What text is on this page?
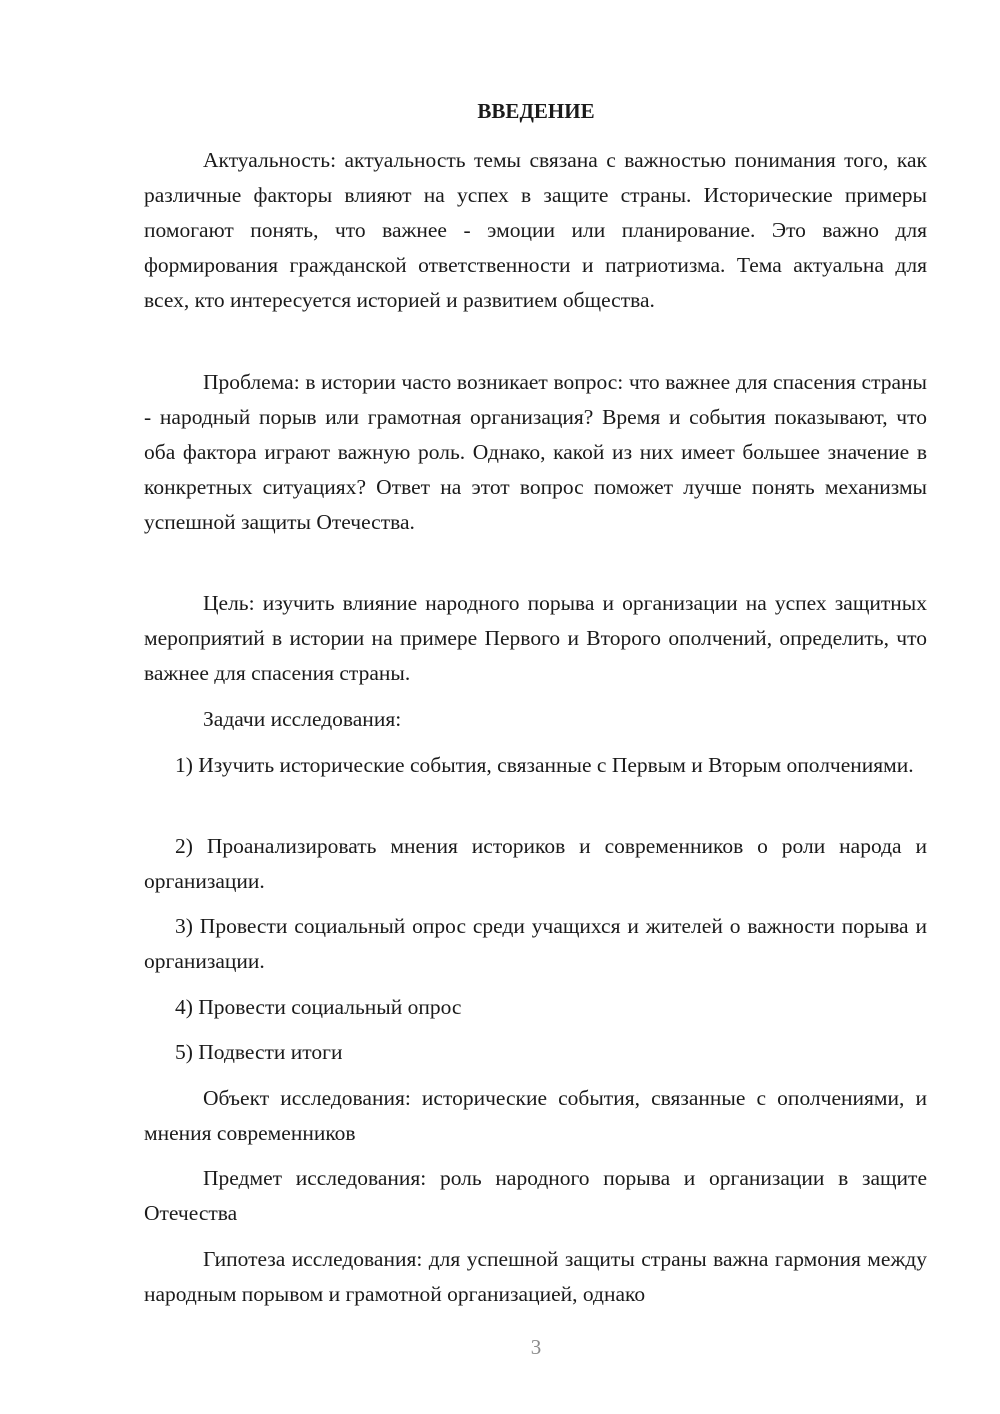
ВВЕДЕНИЕ

Актуальность: актуальность темы связана с важностью понимания того, как различные факторы влияют на успех в защите страны. Исторические примеры помогают понять, что важнее - эмоции или планирование. Это важно для формирования гражданской ответственности и патриотизма. Тема актуальна для всех, кто интересуется историей и развитием общества.

Проблема: в истории часто возникает вопрос: что важнее для спасения страны - народный порыв или грамотная организация? Время и события показывают, что оба фактора играют важную роль. Однако, какой из них имеет большее значение в конкретных ситуациях? Ответ на этот вопрос поможет лучше понять механизмы успешной защиты Отечества.

Цель: изучить влияние народного порыва и организации на успех защитных мероприятий в истории на примере Первого и Второго ополчений, определить, что важнее для спасения страны.

Задачи исследования:

1) Изучить исторические события, связанные с Первым и Вторым ополчениями.

2) Проанализировать мнения историков и современников о роли народа и организации.

3) Провести социальный опрос среди учащихся и жителей о важности порыва и организации.

4) Провести социальный опрос

5) Подвести итоги

Объект исследования: исторические события, связанные с ополчениями, и мнения современников

Предмет исследования: роль народного порыва и организации в защите Отечества

Гипотеза исследования: для успешной защиты страны важна гармония между народным порывом и грамотной организацией, однако

3
